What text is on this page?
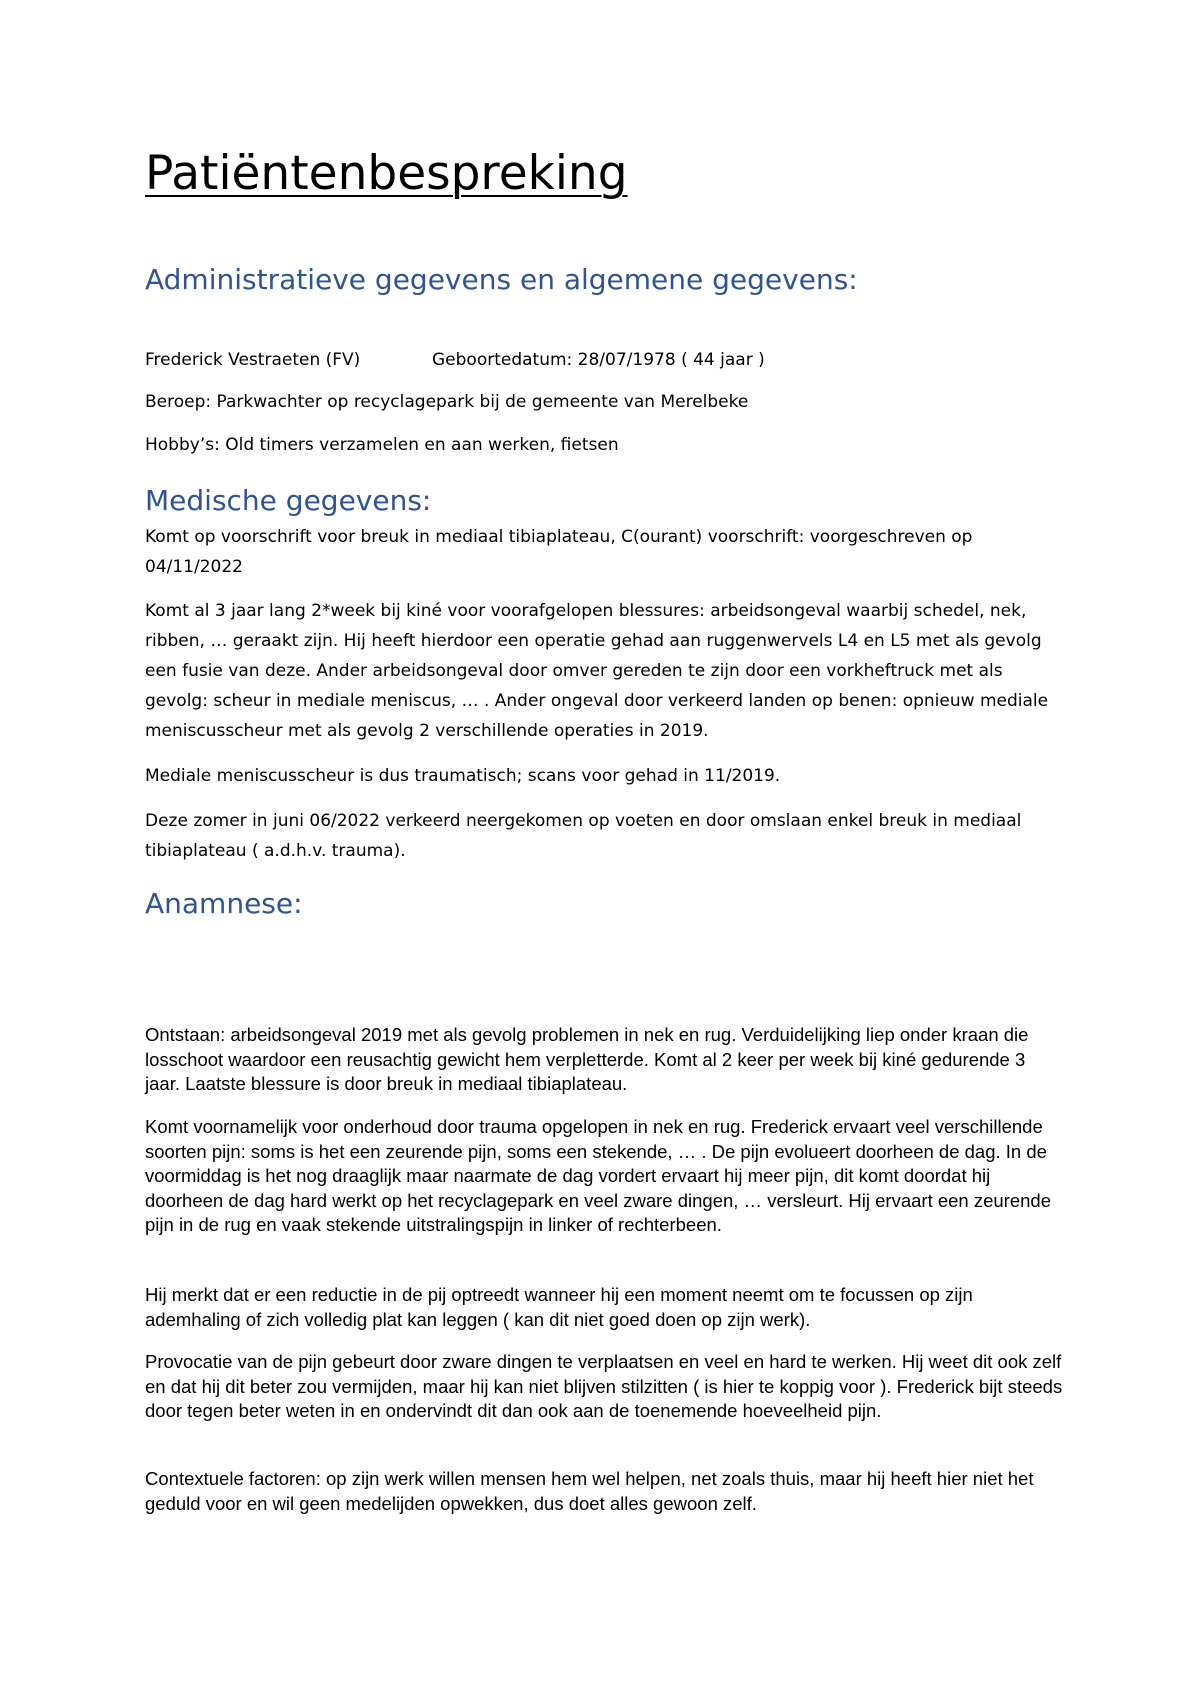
Patiëntenbespreking
Administratieve gegevens en algemene gegevens:

Frederick Vestraeten (FV)	Geboortedatum: 28/07/1978 ( 44 jaar )

Beroep: Parkwachter op recyclagepark bij de gemeente van Merelbeke

Hobby’s: Old timers verzamelen en aan werken, fietsen

Medische gegevens:

Komt op voorschrift voor breuk in mediaal tibiaplateau, C(ourant) voorschrift: voorgeschreven op 04/11/2022

Komt al 3 jaar lang 2*week bij kiné voor voorafgelopen blessures: arbeidsongeval waarbij schedel, nek, ribben, … geraakt zijn. Hij heeft hierdoor een operatie gehad aan ruggenwervels L4 en L5 met als gevolg een fusie van deze. Ander arbeidsongeval door omver gereden te zijn door een vorkheftruck met als gevolg: scheur in mediale meniscus, … . Ander ongeval door verkeerd landen op benen: opnieuw mediale meniscusscheur met als gevolg 2 verschillende operaties in 2019.

Mediale meniscusscheur is dus traumatisch; scans voor gehad in 11/2019.

Deze zomer in juni 06/2022 verkeerd neergekomen op voeten en door omslaan enkel breuk in mediaal tibiaplateau ( a.d.h.v. trauma).

Anamnese:

Ontstaan: arbeidsongeval 2019 met als gevolg problemen in nek en rug. Verduidelijking liep onder kraan die losschoot waardoor een reusachtig gewicht hem verpletterde. Komt al 2 keer per week bij kiné gedurende 3 jaar. Laatste blessure is door breuk in mediaal tibiaplateau.

Komt voornamelijk voor onderhoud door trauma opgelopen in nek en rug. Frederick ervaart veel verschillende soorten pijn: soms is het een zeurende pijn, soms een stekende, … . De pijn evolueert doorheen de dag. In de voormiddag is het nog draaglijk maar naarmate de dag vordert ervaart hij meer pijn, dit komt doordat hij doorheen de dag hard werkt op het recyclagepark en veel zware dingen, … versleurt. Hij ervaart een zeurende pijn in de rug en vaak stekende uitstralingspijn in linker of rechterbeen.

Hij merkt dat er een reductie in de pij optreedt wanneer hij een moment neemt om te focussen op zijn ademhaling of zich volledig plat kan leggen ( kan dit niet goed doen op zijn werk).

Provocatie van de pijn gebeurt door zware dingen te verplaatsen en veel en hard te werken. Hij weet dit ook zelf en dat hij dit beter zou vermijden, maar hij kan niet blijven stilzitten ( is hier te koppig voor ). Frederick bijt steeds door tegen beter weten in en ondervindt dit dan ook aan de toenemende hoeveelheid pijn.

Contextuele factoren: op zijn werk willen mensen hem wel helpen, net zoals thuis, maar hij heeft hier niet het geduld voor en wil geen medelijden opwekken, dus doet alles gewoon zelf.
